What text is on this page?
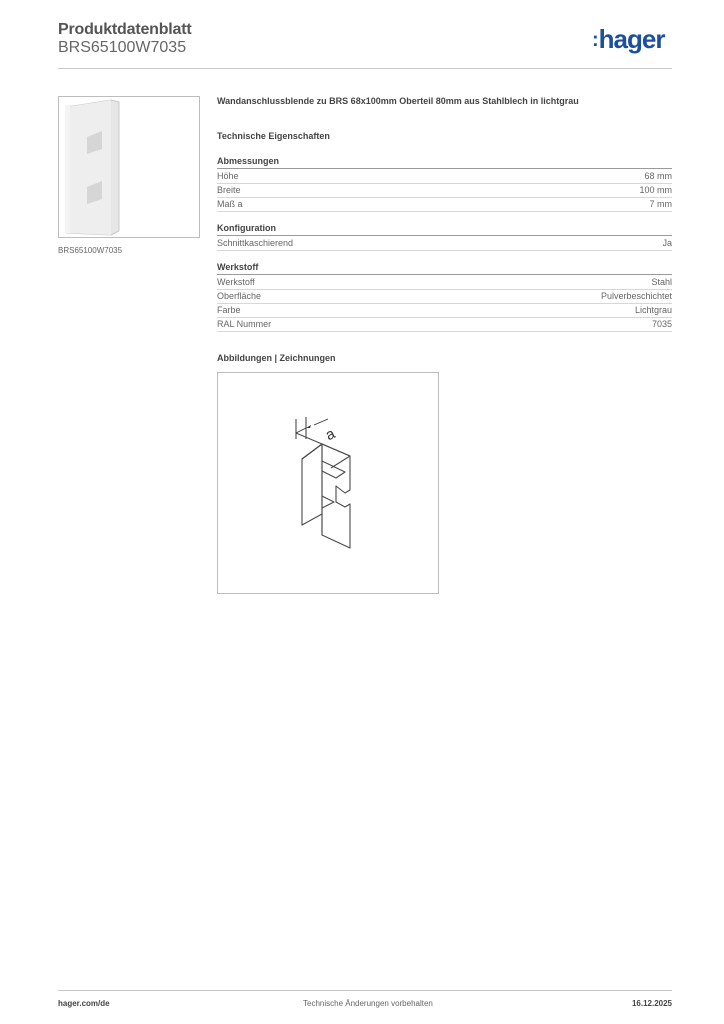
Produktdatenblatt
BRS65100W7035	:hager
BRS65100W7035
Wandanschlussblende zu BRS 68x100mm Oberteil 80mm aus Stahlblech in lichtgrau
Technische Eigenschaften
Abmessungen
Höhe	68 mm
Breite	100 mm
Maß a	7 mm
Konfiguration
Schnittkaschierend	Ja
Werkstoff
Werkstoff	Stahl
Oberfläche	Pulverbeschichtet
Farbe	Lichtgrau
RAL Nummer	7035
Abbildungen | Zeichnungen
a
hager.com/de	Technische Änderungen vorbehalten	16.12.2025
